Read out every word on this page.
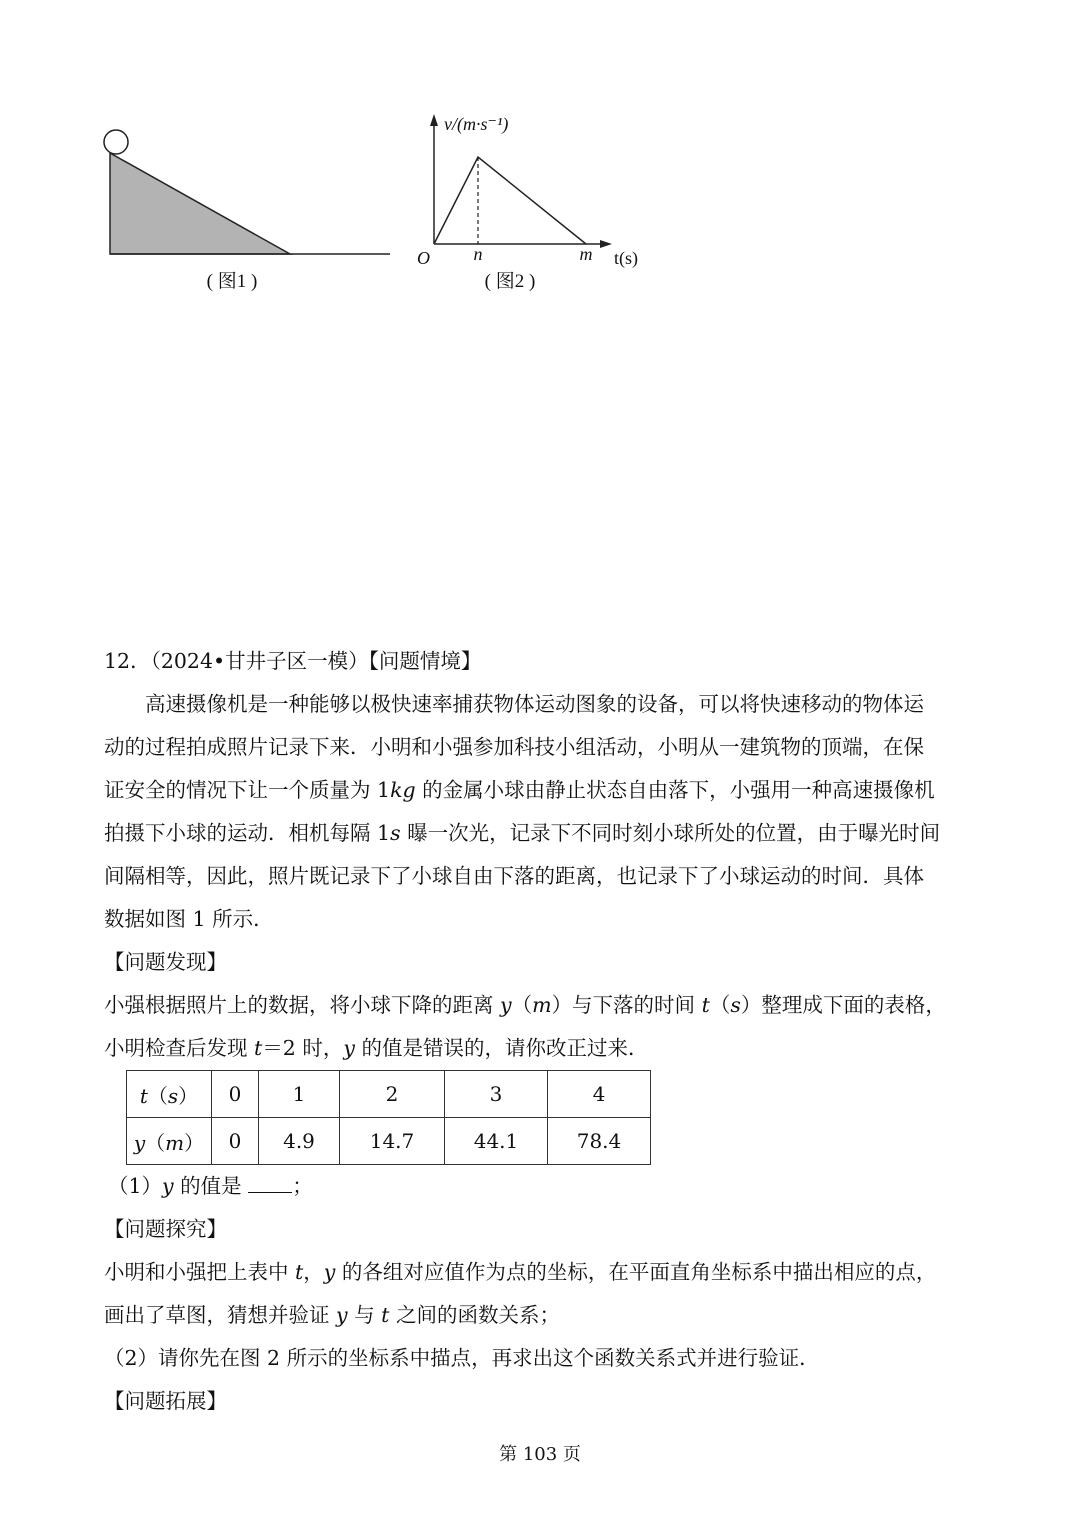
( 图1 )
v/(m·s⁻¹)
t(s)
O n	m
( 图2 )
12．（2024•甘井子区一模）【问题情境】
高速摄像机是一种能够以极快速率捕获物体运动图象的设备，可以将快速移动的物体运
动的过程拍成照片记录下来．小明和小强参加科技小组活动，小明从一建筑物的顶端，在保
证安全的情况下让一个质量为 1kg 的金属小球由静止状态自由落下，小强用一种高速摄像机
拍摄下小球的运动．相机每隔 1s 曝一次光，记录下不同时刻小球所处的位置，由于曝光时间
间隔相等，因此，照片既记录下了小球自由下落的距离，也记录下了小球运动的时间．具体
数据如图 1 所示．
【问题发现】
小强根据照片上的数据，将小球下降的距离 y（m）与下落的时间 t（s）整理成下面的表格，
小明检查后发现 t＝2 时，y 的值是错误的，请你改正过来．
t（s）	0	1	2	3	4
y（m）	0	4.9	14.7	44.1	78.4
（1）y 的值是 ；
【问题探究】
小明和小强把上表中 t，y 的各组对应值作为点的坐标，在平面直角坐标系中描出相应的点，
画出了草图，猜想并验证 y 与 t 之间的函数关系；
（2）请你先在图 2 所示的坐标系中描点，再求出这个函数关系式并进行验证．
【问题拓展】
第 103 页
